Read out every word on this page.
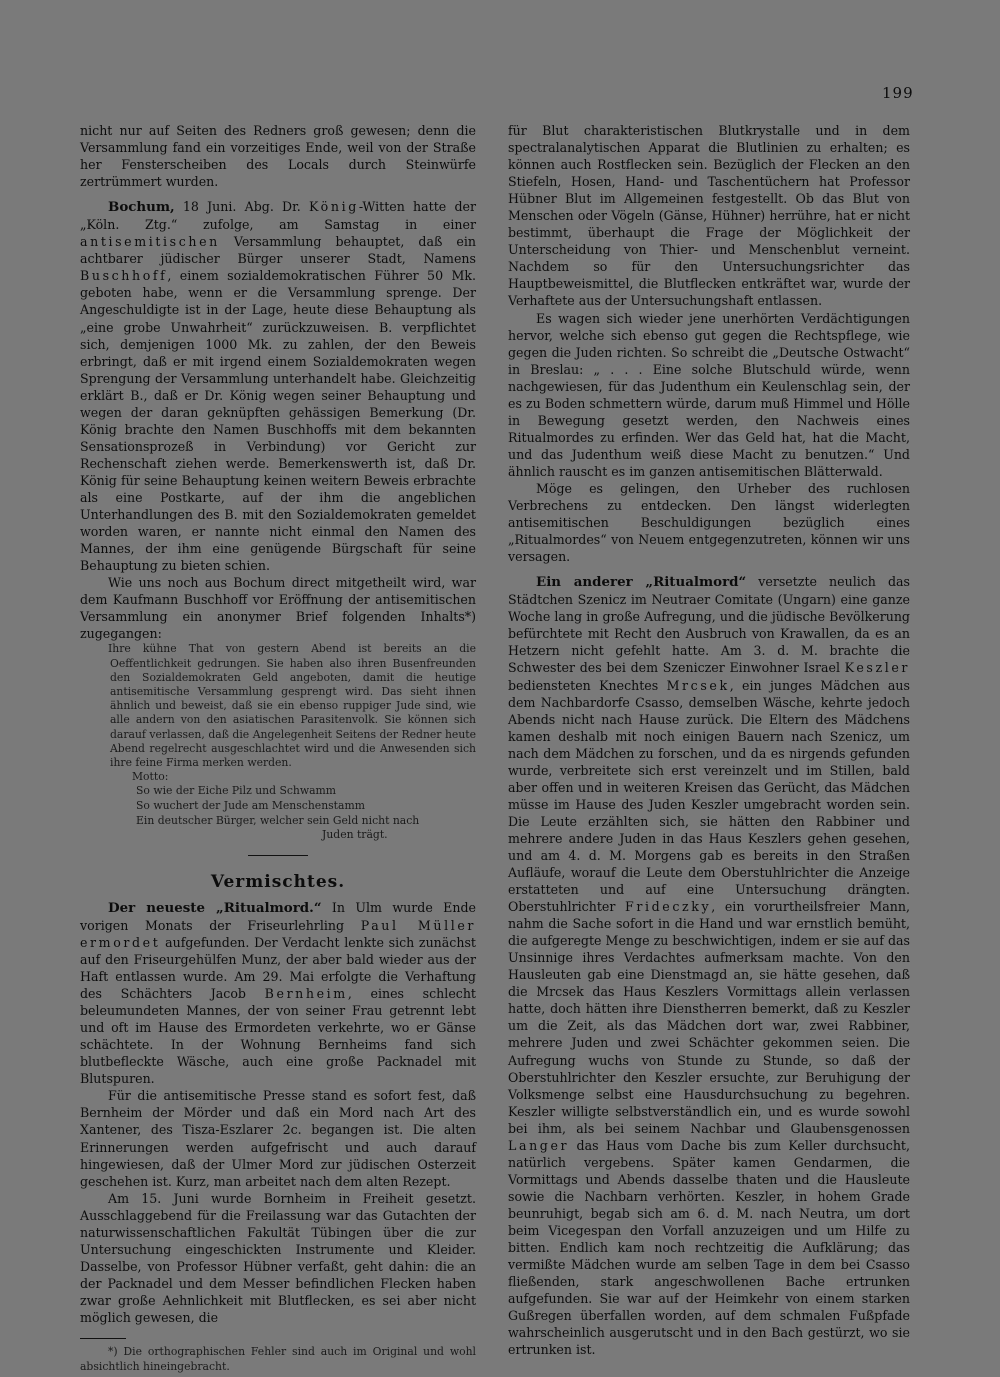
199

nicht nur auf Seiten des Redners groß gewesen; denn die Versammlung fand ein vorzeitiges Ende, weil von der Straße her Fensterscheiben des Locals durch Steinwürfe zertrümmert wurden.

Bochum, 18 Juni. Abg. Dr. König-Witten hatte der „Köln. Ztg.“ zufolge, am Samstag in einer antisemitischen Versammlung behauptet, daß ein achtbarer jüdischer Bürger unserer Stadt, Namens Buschhoff, einem sozialdemokratischen Führer 50 Mk. geboten habe, wenn er die Versammlung sprenge. Der Angeschuldigte ist in der Lage, heute diese Behauptung als „eine grobe Unwahrheit“ zurückzuweisen. B. verpflichtet sich, demjenigen 1000 Mk. zu zahlen, der den Beweis erbringt, daß er mit irgend einem Sozialdemokraten wegen Sprengung der Versammlung unterhandelt habe. Gleichzeitig erklärt B., daß er Dr. König wegen seiner Behauptung und wegen der daran geknüpften gehässigen Bemerkung (Dr. König brachte den Namen Buschhoffs mit dem bekannten Sensationsprozeß in Verbindung) vor Gericht zur Rechenschaft ziehen werde. Bemerkenswerth ist, daß Dr. König für seine Behauptung keinen weitern Beweis erbrachte als eine Postkarte, auf der ihm die angeblichen Unterhandlungen des B. mit den Sozialdemokraten gemeldet worden waren, er nannte nicht einmal den Namen des Mannes, der ihm eine genügende Bürgschaft für seine Behauptung zu bieten schien.

Wie uns noch aus Bochum direct mitgetheilt wird, war dem Kaufmann Buschhoff vor Eröffnung der antisemitischen Versammlung ein anonymer Brief folgenden Inhalts*) zugegangen:

Ihre kühne That von gestern Abend ist bereits an die Oeffentlichkeit gedrungen. Sie haben also ihren Busenfreunden den Sozialdemokraten Geld angeboten, damit die heutige antisemitische Versammlung gesprengt wird. Das sieht ihnen ähnlich und beweist, daß sie ein ebenso ruppiger Jude sind, wie alle andern von den asiatischen Parasitenvolk. Sie können sich darauf verlassen, daß die Angelegenheit Seitens der Redner heute Abend regelrecht ausgeschlachtet wird und die Anwesenden sich ihre feine Firma merken werden.

Motto:
So wie der Eiche Pilz und Schwamm
So wuchert der Jude am Menschenstamm
Ein deutscher Bürger, welcher sein Geld nicht nach
Juden trägt.
Vermischtes.

Der neueste „Ritualmord.“ In Ulm wurde Ende vorigen Monats der Friseurlehrling Paul Müller ermordet aufgefunden. Der Verdacht lenkte sich zunächst auf den Friseurgehülfen Munz, der aber bald wieder aus der Haft entlassen wurde. Am 29. Mai erfolgte die Verhaftung des Schächters Jacob Bernheim, eines schlecht beleumundeten Mannes, der von seiner Frau getrennt lebt und oft im Hause des Ermordeten verkehrte, wo er Gänse schächtete. In der Wohnung Bernheims fand sich blutbefleckte Wäsche, auch eine große Packnadel mit Blutspuren.

Für die antisemitische Presse stand es sofort fest, daß Bernheim der Mörder und daß ein Mord nach Art des Xantener, des Tisza-Eszlarer 2c. begangen ist. Die alten Erinnerungen werden aufgefrischt und auch darauf hingewiesen, daß der Ulmer Mord zur jüdischen Osterzeit geschehen ist. Kurz, man arbeitet nach dem alten Rezept.

Am 15. Juni wurde Bornheim in Freiheit gesetzt. Ausschlaggebend für die Freilassung war das Gutachten der naturwissenschaftlichen Fakultät Tübingen über die zur Untersuchung eingeschickten Instrumente und Kleider. Dasselbe, von Professor Hübner verfaßt, geht dahin: die an der Packnadel und dem Messer befindlichen Flecken haben zwar große Aehnlichkeit mit Blutflecken, es sei aber nicht möglich gewesen, die

*) Die orthographischen Fehler sind auch im Original und wohl absichtlich hineingebracht.

für Blut charakteristischen Blutkrystalle und in dem spectralanalytischen Apparat die Blutlinien zu erhalten; es können auch Rostflecken sein. Bezüglich der Flecken an den Stiefeln, Hosen, Hand- und Taschentüchern hat Professor Hübner Blut im Allgemeinen festgestellt. Ob das Blut von Menschen oder Vögeln (Gänse, Hühner) herrühre, hat er nicht bestimmt, überhaupt die Frage der Möglichkeit der Unterscheidung von Thier- und Menschenblut verneint. Nachdem so für den Untersuchungsrichter das Hauptbeweismittel, die Blutflecken entkräftet war, wurde der Verhaftete aus der Untersuchungshaft entlassen.

Es wagen sich wieder jene unerhörten Verdächtigungen hervor, welche sich ebenso gut gegen die Rechtspflege, wie gegen die Juden richten. So schreibt die „Deutsche Ostwacht“ in Breslau: „ . . . Eine solche Blutschuld würde, wenn nachgewiesen, für das Judenthum ein Keulenschlag sein, der es zu Boden schmettern würde, darum muß Himmel und Hölle in Bewegung gesetzt werden, den Nachweis eines Ritualmordes zu erfinden. Wer das Geld hat, hat die Macht, und das Judenthum weiß diese Macht zu benutzen.“ Und ähnlich rauscht es im ganzen antisemitischen Blätterwald.

Möge es gelingen, den Urheber des ruchlosen Verbrechens zu entdecken. Den längst widerlegten antisemitischen Beschuldigungen bezüglich eines „Ritualmordes“ von Neuem entgegenzutreten, können wir uns versagen.

Ein anderer „Ritualmord“ versetzte neulich das Städtchen Szenicz im Neutraer Comitate (Ungarn) eine ganze Woche lang in große Aufregung, und die jüdische Bevölkerung befürchtete mit Recht den Ausbruch von Krawallen, da es an Hetzern nicht gefehlt hatte. Am 3. d. M. brachte die Schwester des bei dem Szeniczer Einwohner Israel Keszler bediensteten Knechtes Mrcsek, ein junges Mädchen aus dem Nachbardorfe Csasso, demselben Wäsche, kehrte jedoch Abends nicht nach Hause zurück. Die Eltern des Mädchens kamen deshalb mit noch einigen Bauern nach Szenicz, um nach dem Mädchen zu forschen, und da es nirgends gefunden wurde, verbreitete sich erst vereinzelt und im Stillen, bald aber offen und in weiteren Kreisen das Gerücht, das Mädchen müsse im Hause des Juden Keszler umgebracht worden sein. Die Leute erzählten sich, sie hätten den Rabbiner und mehrere andere Juden in das Haus Keszlers gehen gesehen, und am 4. d. M. Morgens gab es bereits in den Straßen Aufläufe, worauf die Leute dem Oberstuhlrichter die Anzeige erstatteten und auf eine Untersuchung drängten. Oberstuhlrichter Frideczky, ein vorurtheilsfreier Mann, nahm die Sache sofort in die Hand und war ernstlich bemüht, die aufgeregte Menge zu beschwichtigen, indem er sie auf das Unsinnige ihres Verdachtes aufmerksam machte. Von den Hausleuten gab eine Dienstmagd an, sie hätte gesehen, daß die Mrcsek das Haus Keszlers Vormittags allein verlassen hatte, doch hätten ihre Dienstherren bemerkt, daß zu Keszler um die Zeit, als das Mädchen dort war, zwei Rabbiner, mehrere Juden und zwei Schächter gekommen seien. Die Aufregung wuchs von Stunde zu Stunde, so daß der Oberstuhlrichter den Keszler ersuchte, zur Beruhigung der Volksmenge selbst eine Hausdurchsuchung zu begehren. Keszler willigte selbstverständlich ein, und es wurde sowohl bei ihm, als bei seinem Nachbar und Glaubensgenossen Langer das Haus vom Dache bis zum Keller durchsucht, natürlich vergebens. Später kamen Gendarmen, die Vormittags und Abends dasselbe thaten und die Hausleute sowie die Nachbarn verhörten. Keszler, in hohem Grade beunruhigt, begab sich am 6. d. M. nach Neutra, um dort beim Vicegespan den Vorfall anzuzeigen und um Hilfe zu bitten. Endlich kam noch rechtzeitig die Aufklärung; das vermißte Mädchen wurde am selben Tage in dem bei Csasso fließenden, stark angeschwollenen Bache ertrunken aufgefunden. Sie war auf der Heimkehr von einem starken Gußregen überfallen worden, auf dem schmalen Fußpfade wahrscheinlich ausgerutscht und in den Bach gestürzt, wo sie ertrunken ist.
